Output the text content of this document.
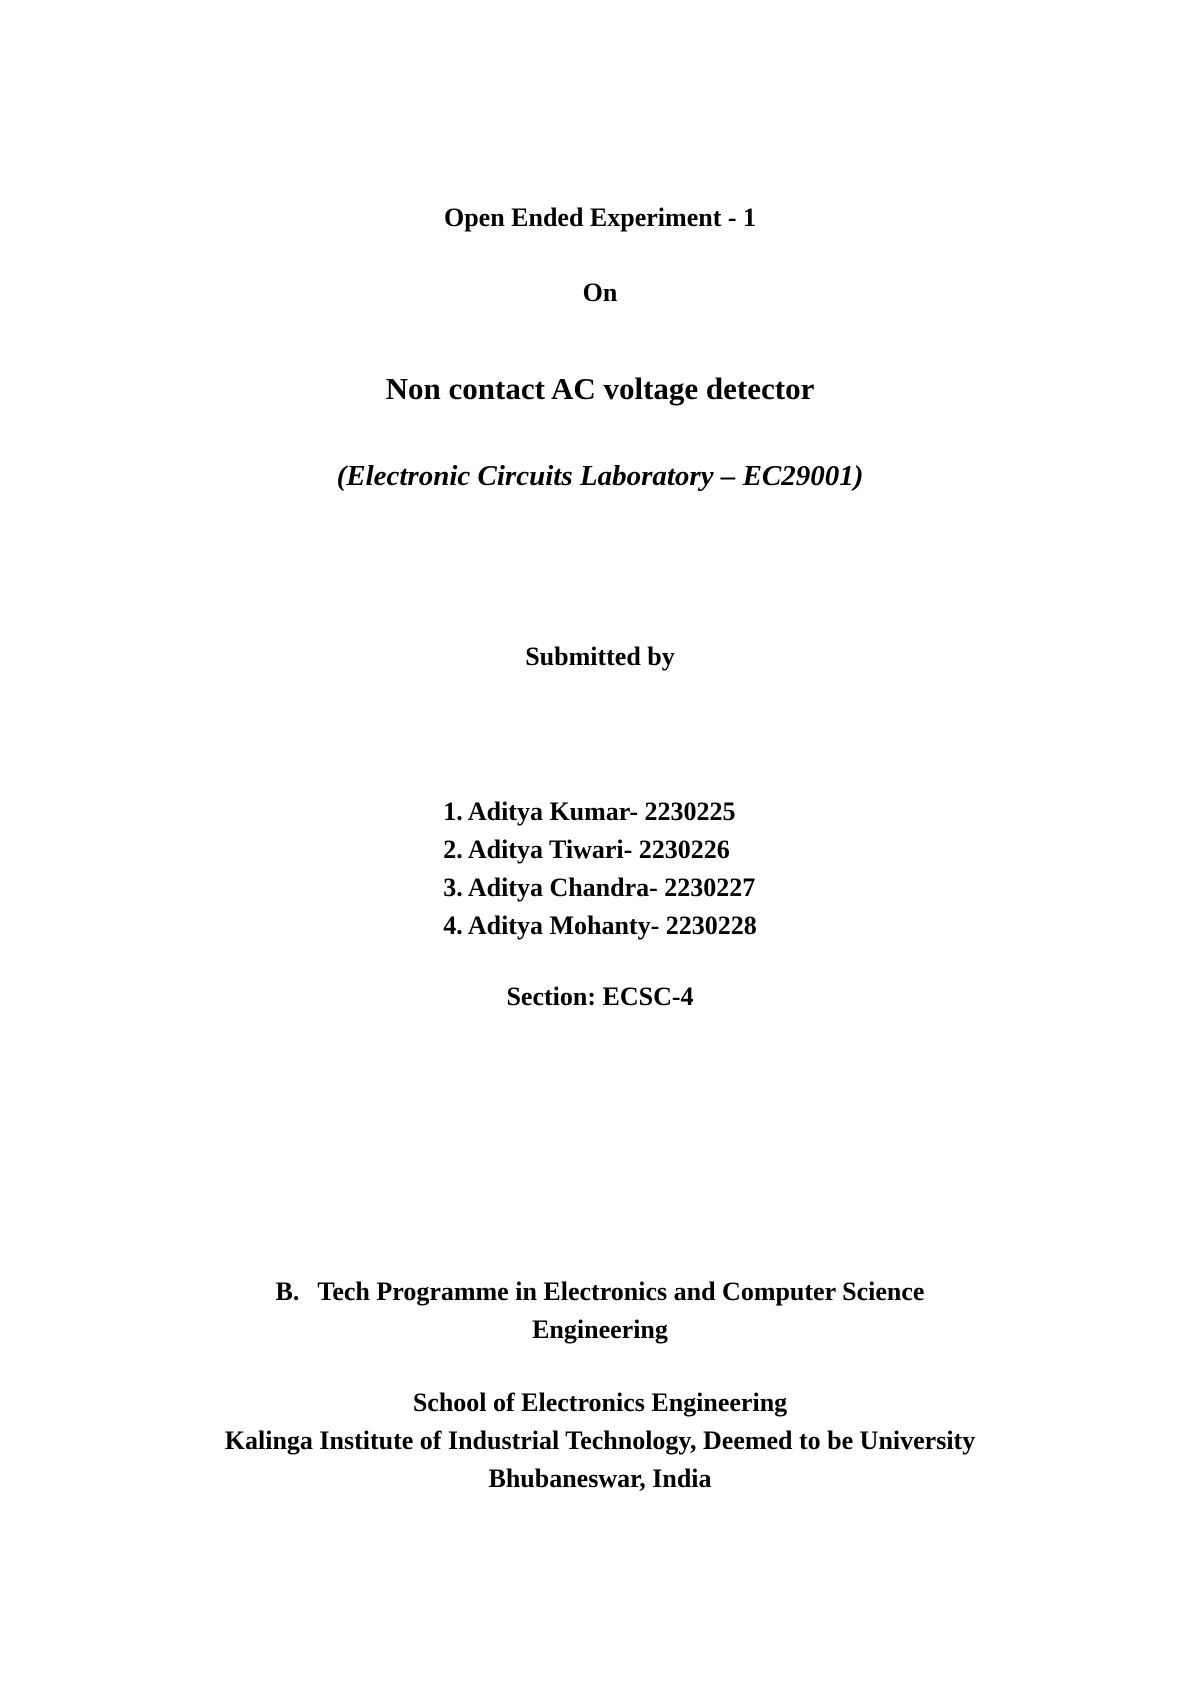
Open Ended Experiment - 1
On
Non contact AC voltage detector
(Electronic Circuits Laboratory – EC29001)
Submitted by
1. Aditya Kumar- 2230225
2. Aditya Tiwari- 2230226
3. Aditya Chandra- 2230227
4. Aditya Mohanty- 2230228
Section: ECSC-4
B. Tech Programme in Electronics and Computer Science
Engineering
School of Electronics Engineering
Kalinga Institute of Industrial Technology, Deemed to be University
Bhubaneswar, India
